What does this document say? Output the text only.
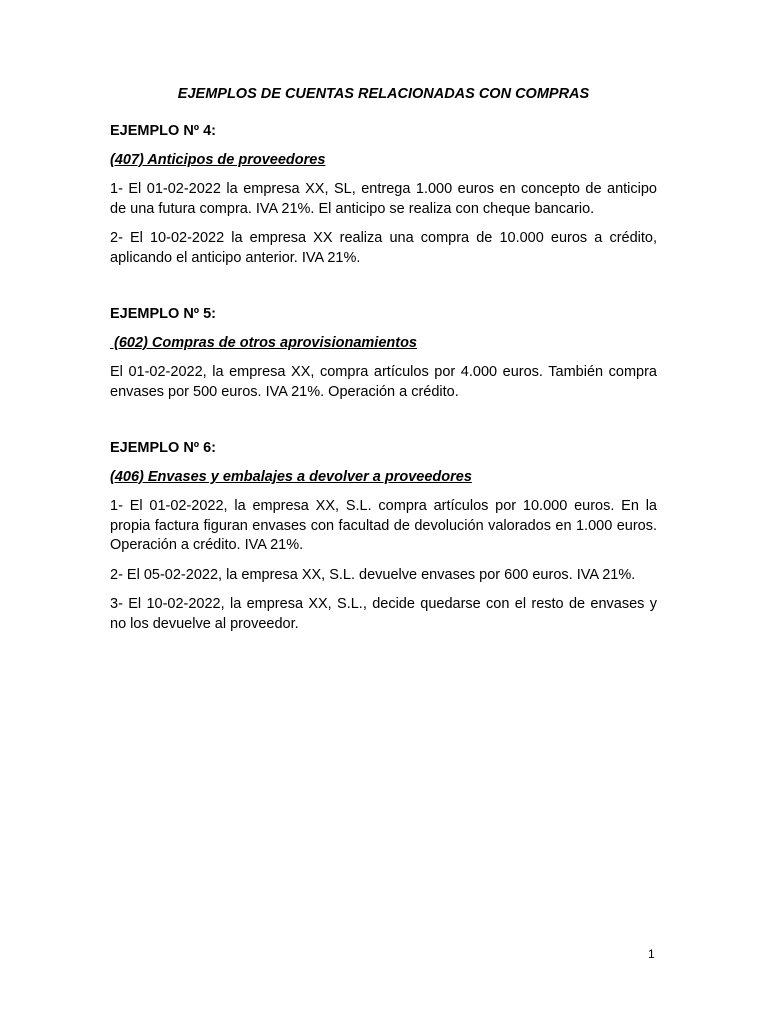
EJEMPLOS DE CUENTAS RELACIONADAS CON COMPRAS
EJEMPLO Nº 4:
(407) Anticipos de proveedores

1- El 01-02-2022 la empresa XX, SL, entrega 1.000 euros en concepto de anticipo de una futura compra. IVA 21%. El anticipo se realiza con cheque bancario.

2- El 10-02-2022 la empresa XX realiza una compra de 10.000 euros a crédito, aplicando el anticipo anterior. IVA 21%.

EJEMPLO Nº 5:
(602) Compras de otros aprovisionamientos

El 01-02-2022, la empresa XX, compra artículos por 4.000 euros. También compra envases por 500 euros. IVA 21%. Operación a crédito.

EJEMPLO Nº 6:
(406) Envases y embalajes a devolver a proveedores

1- El 01-02-2022, la empresa XX, S.L. compra artículos por 10.000 euros. En la propia factura figuran envases con facultad de devolución valorados en 1.000 euros. Operación a crédito. IVA 21%.

2- El 05-02-2022, la empresa XX, S.L. devuelve envases por 600 euros. IVA 21%.

3- El 10-02-2022, la empresa XX, S.L., decide quedarse con el resto de envases y no los devuelve al proveedor.

1
